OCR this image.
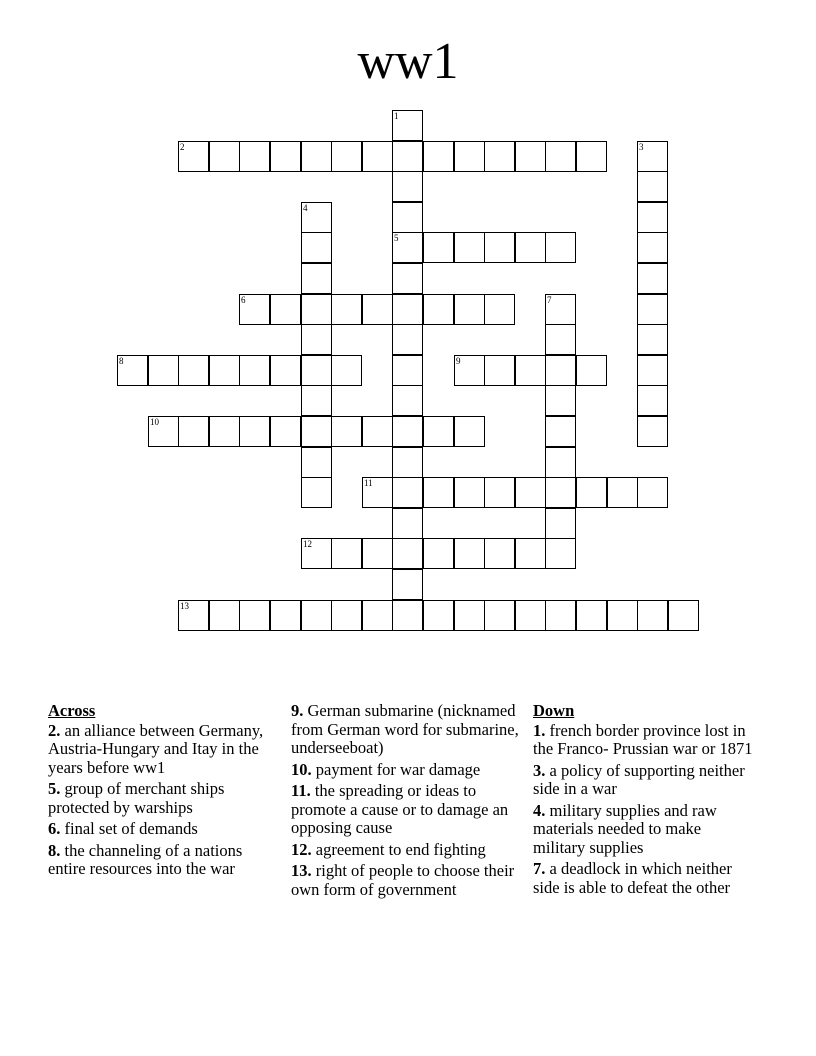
ww1
1
5
2	3
4
6	7
8	9
10
11
12
13
Across
2. an alliance between Germany, Austria-Hungary and Itay in the years before ww1
5. group of merchant ships protected by warships
6. final set of demands
8. the channeling of a nations entire resources into the war
9. German submarine (nicknamed from German word for submarine, underseeboat)
10. payment for war damage
11. the spreading or ideas to promote a cause or to damage an opposing cause
12. agreement to end fighting
13. right of people to choose their own form of government
Down
1. french border province lost in the Franco- Prussian war or 1871
3. a policy of supporting neither side in a war
4. military supplies and raw materials needed to make military supplies
7. a deadlock in which neither side is able to defeat the other
